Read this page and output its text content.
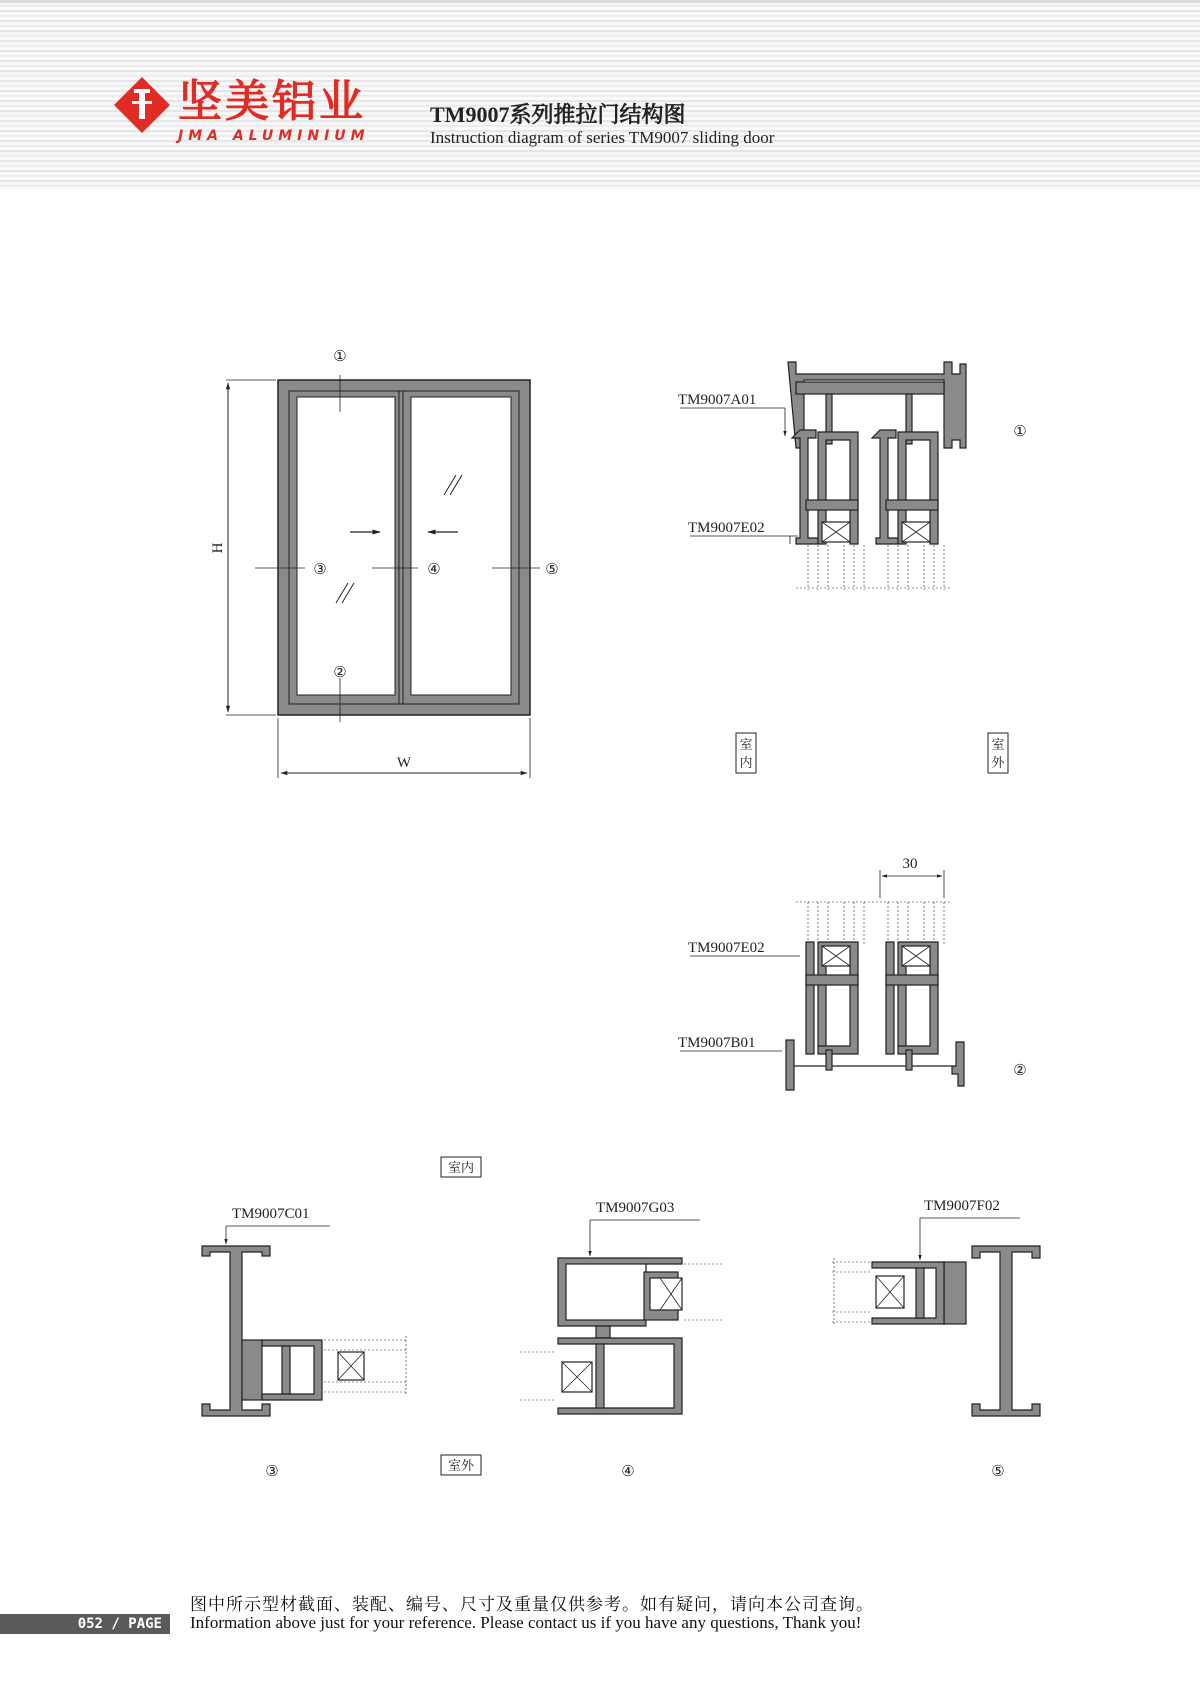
坚美铝业
JMA ALUMINIUM
TM9007系列推拉门结构图
Instruction diagram of series TM9007 sliding door
H
W
①
②
③	④	⑤
TM9007A01
TM9007E02
①
室
内
室
外
30
TM9007E02
TM9007B01
②
室内
室外
TM9007C01
③
TM9007G03
④
TM9007F02
⑤
052 / PAGE
图中所示型材截面、装配、编号、尺寸及重量仅供参考。如有疑问，请向本公司查询。
Information above just for your reference. Please contact us if you have any questions, Thank you!
